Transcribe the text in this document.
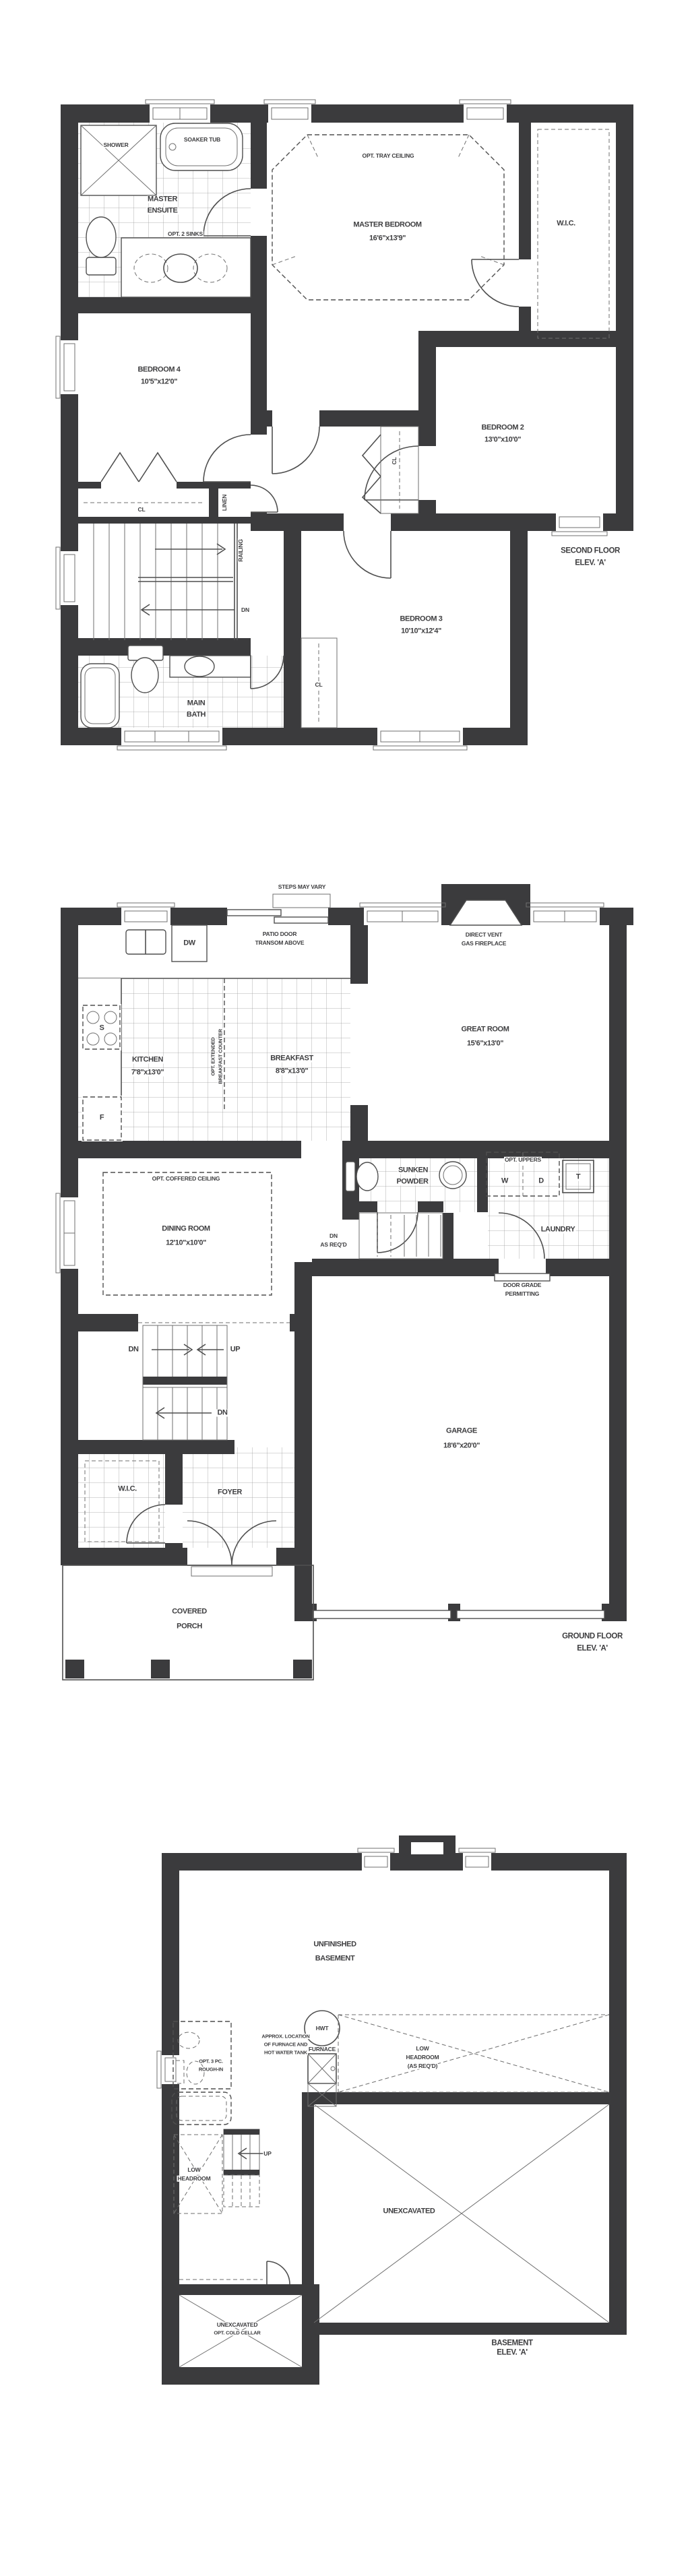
SHOWER
SOAKER TUB
MASTER
ENSUITE
OPT. 2 SINKS
OPT. TRAY CEILING
MASTER BEDROOM
16'6"x13'9"
W.I.C.
BEDROOM 4
10'5"x12'0"
BEDROOM 2
13'0"x10'0"
BEDROOM 3
10'10"x12'4"
MAIN
BATH
CL	LINEN
RAILING
DN
CL
CL
SECOND FLOOR
ELEV. 'A'
STEPS MAY VARY
PATIO DOOR
TRANSOM ABOVE
DIRECT VENT
GAS FIREPLACE
GREAT ROOM
15'6"x13'0"
DW
S
F
KITCHEN
7'8"x13'0"	OPT. EXTENDED BREAKFAST COUNTER	BREAKFAST
8'8"x13'0"
SUNKEN
POWDER
OPT. UPPERS
W	D	T
LAUNDRY
DN
AS REQ'D
DOOR GRADE
PERMITTING
OPT. COFFERED CEILING
DINING ROOM
12'10"x10'0"
DN	UP
DN
W.I.C.	FOYER
GARAGE
18'6"x20'0"
COVERED
PORCH
GROUND FLOOR
ELEV. 'A'
UNFINISHED
BASEMENT
APPROX. LOCATION
OF FURNACE AND
HOT WATER TANK
HWT
FURNACE	LOW
HEADROOM
(AS REQ'D)
OPT. 3 PC.
ROUGH-IN
UP
LOW
HEADROOM
UNEXCAVATED
UNEXCAVATED
OPT. COLD CELLAR
BASEMENT
ELEV. 'A'
